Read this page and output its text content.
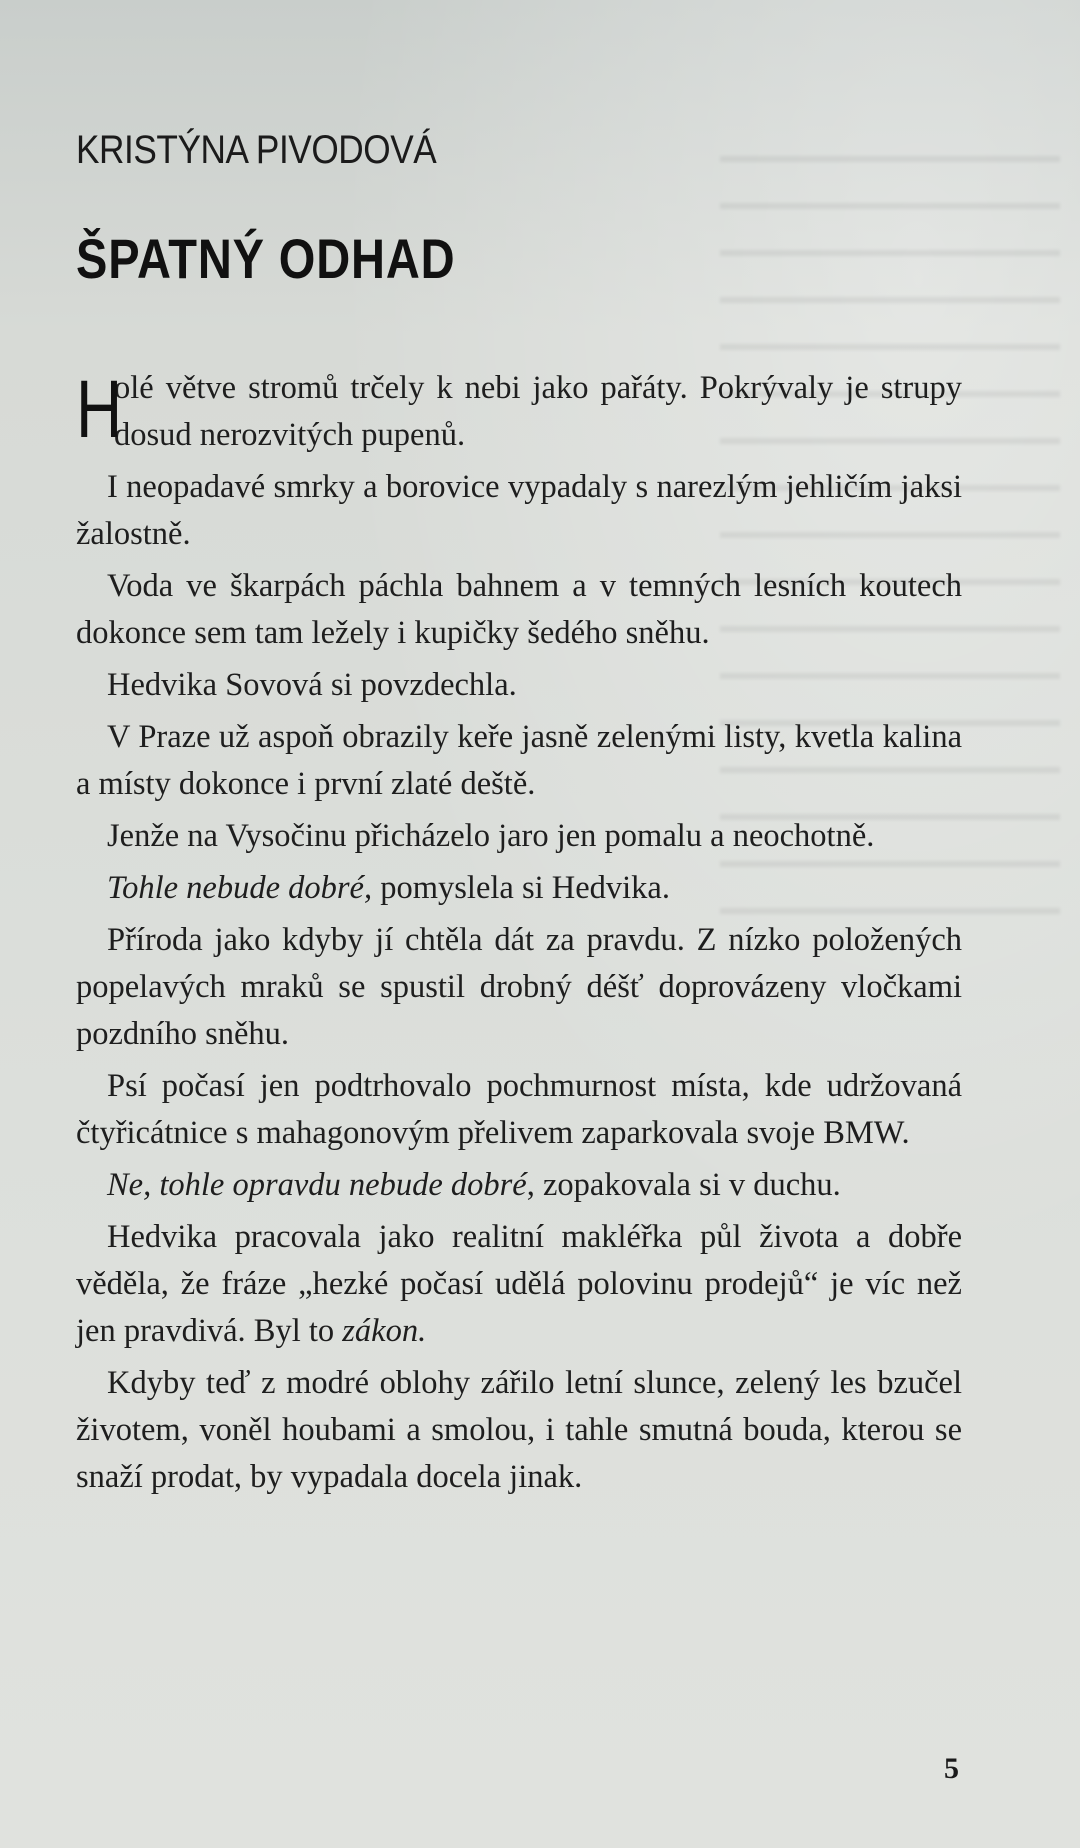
KRISTÝNA PIVODOVÁ
ŠPATNÝ ODHAD

H
olé větve stromů trčely k nebi jako pařáty. Pokrývaly je strupy dosud nerozvitých pupenů.

I neopadavé smrky a borovice vypadaly s narezlým jehličím jaksi žalostně.

Voda ve škarpách páchla bahnem a v temných lesních koutech dokonce sem tam ležely i kupičky šedého sněhu.

Hedvika Sovová si povzdechla.

V Praze už aspoň obrazily keře jasně zelenými listy, kvetla kalina a místy dokonce i první zlaté deště.

Jenže na Vysočinu přicházelo jaro jen pomalu a neochotně.

Tohle nebude dobré, pomyslela si Hedvika.

Příroda jako kdyby jí chtěla dát za pravdu. Z nízko položených popelavých mraků se spustil drobný déšť doprovázeny vločkami pozdního sněhu.

Psí počasí jen podtrhovalo pochmurnost místa, kde udržovaná čtyřicátnice s mahagonovým přelivem zaparkovala svoje BMW.

Ne, tohle opravdu nebude dobré, zopakovala si v duchu.

Hedvika pracovala jako realitní makléřka půl života a dobře věděla, že fráze „hezké počasí udělá polovinu prodejů“ je víc než jen pravdivá. Byl to zákon.

Kdyby teď z modré oblohy zářilo letní slunce, zelený les bzučel životem, voněl houbami a smolou, i tahle smutná bouda, kterou se snaží prodat, by vypadala docela jinak.

5
